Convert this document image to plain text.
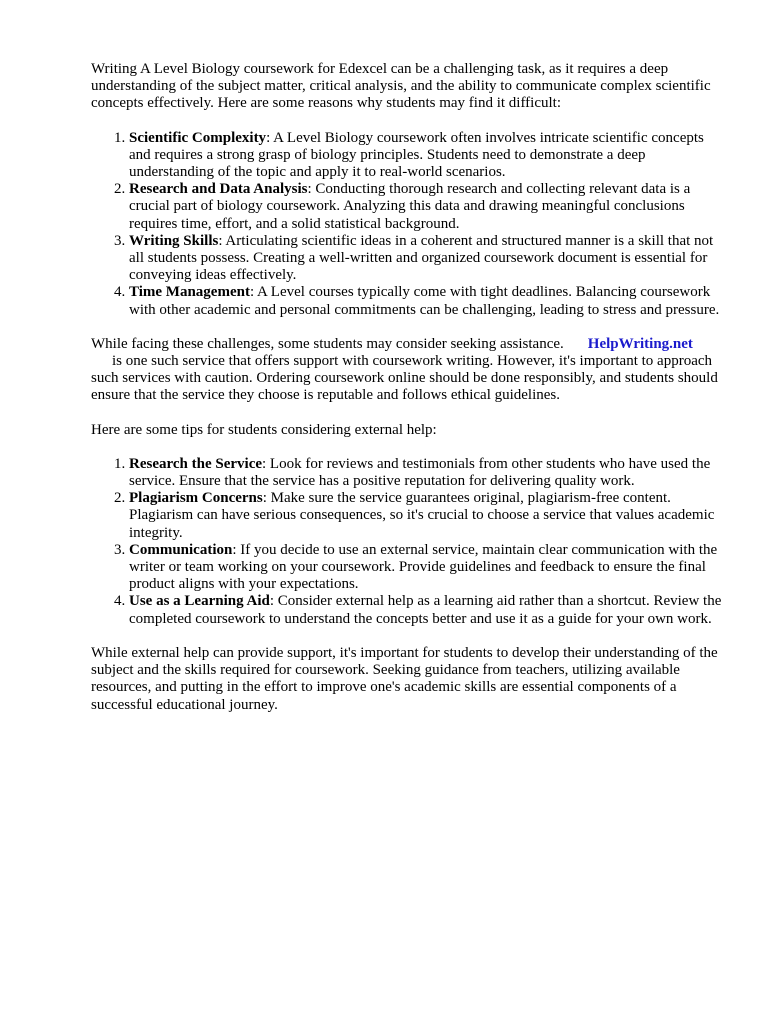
Writing A Level Biology coursework for Edexcel can be a challenging task, as it requires a deep understanding of the subject matter, critical analysis, and the ability to communicate complex scientific concepts effectively. Here are some reasons why students may find it difficult:

1. Scientific Complexity: A Level Biology coursework often involves intricate scientific concepts and requires a strong grasp of biology principles. Students need to demonstrate a deep understanding of the topic and apply it to real-world scenarios.
2. Research and Data Analysis: Conducting thorough research and collecting relevant data is a crucial part of biology coursework. Analyzing this data and drawing meaningful conclusions requires time, effort, and a solid statistical background.
3. Writing Skills: Articulating scientific ideas in a coherent and structured manner is a skill that not all students possess. Creating a well-written and organized coursework document is essential for conveying ideas effectively.
4. Time Management: A Level courses typically come with tight deadlines. Balancing coursework with other academic and personal commitments can be challenging, leading to stress and pressure.

While facing these challenges, some students may consider seeking assistance. HelpWriting.net
is one such service that offers support with coursework writing. However, it's important to approach such services with caution. Ordering coursework online should be done responsibly, and students should ensure that the service they choose is reputable and follows ethical guidelines.

Here are some tips for students considering external help:

1. Research the Service: Look for reviews and testimonials from other students who have used the service. Ensure that the service has a positive reputation for delivering quality work.
2. Plagiarism Concerns: Make sure the service guarantees original, plagiarism-free content. Plagiarism can have serious consequences, so it's crucial to choose a service that values academic integrity.
3. Communication: If you decide to use an external service, maintain clear communication with the writer or team working on your coursework. Provide guidelines and feedback to ensure the final product aligns with your expectations.
4. Use as a Learning Aid: Consider external help as a learning aid rather than a shortcut. Review the completed coursework to understand the concepts better and use it as a guide for your own work.

While external help can provide support, it's important for students to develop their understanding of the subject and the skills required for coursework. Seeking guidance from teachers, utilizing available resources, and putting in the effort to improve one's academic skills are essential components of a successful educational journey.
